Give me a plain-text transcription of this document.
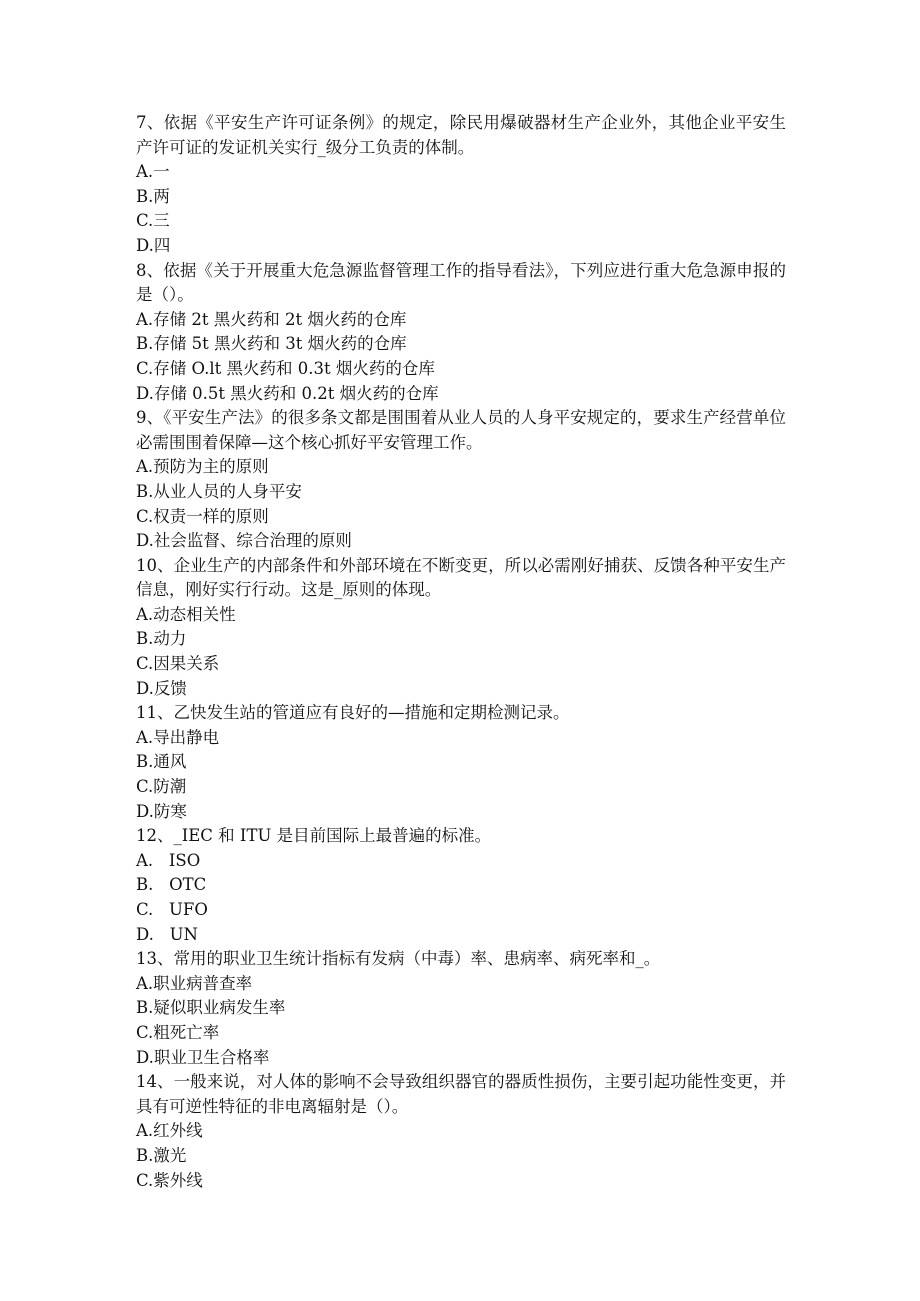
7、依据《平安生产许可证条例》的规定，除民用爆破器材生产企业外，其他企业平安生产许可证的发证机关实行_级分工负责的体制。

A.一

B.两

C.三

D.四

8、依据《关于开展重大危急源监督管理工作的指导看法》，下列应进行重大危急源申报的是（）。

A.存储 2t 黑火药和 2t 烟火药的仓库

B.存储 5t 黑火药和 3t 烟火药的仓库

C.存储 O.lt 黑火药和 0.3t 烟火药的仓库

D.存储 0.5t 黑火药和 0.2t 烟火药的仓库

9、《平安生产法》的很多条文都是围围着从业人员的人身平安规定的，要求生产经营单位必需围围着保障—这个核心抓好平安管理工作。

A.预防为主的原则

B.从业人员的人身平安

C.权责一样的原则

D.社会监督、综合治理的原则

10、企业生产的内部条件和外部环境在不断变更，所以必需刚好捕获、反馈各种平安生产信息，刚好实行行动。这是_原则的体现。

A.动态相关性

B.动力

C.因果关系

D.反馈

11、乙快发生站的管道应有良好的—措施和定期检测记录。

A.导出静电

B.通风

C.防潮

D.防寒

12、_IEC 和 ITU 是目前国际上最普遍的标准。

A.   ISO

B.   OTC

C.   UFO

D.   UN

13、常用的职业卫生统计指标有发病（中毒）率、患病率、病死率和_。

A.职业病普查率

B.疑似职业病发生率

C.粗死亡率

D.职业卫生合格率

14、一般来说，对人体的影响不会导致组织器官的器质性损伤，主要引起功能性变更，并具有可逆性特征的非电离辐射是（）。

A.红外线

B.激光

C.紫外线
